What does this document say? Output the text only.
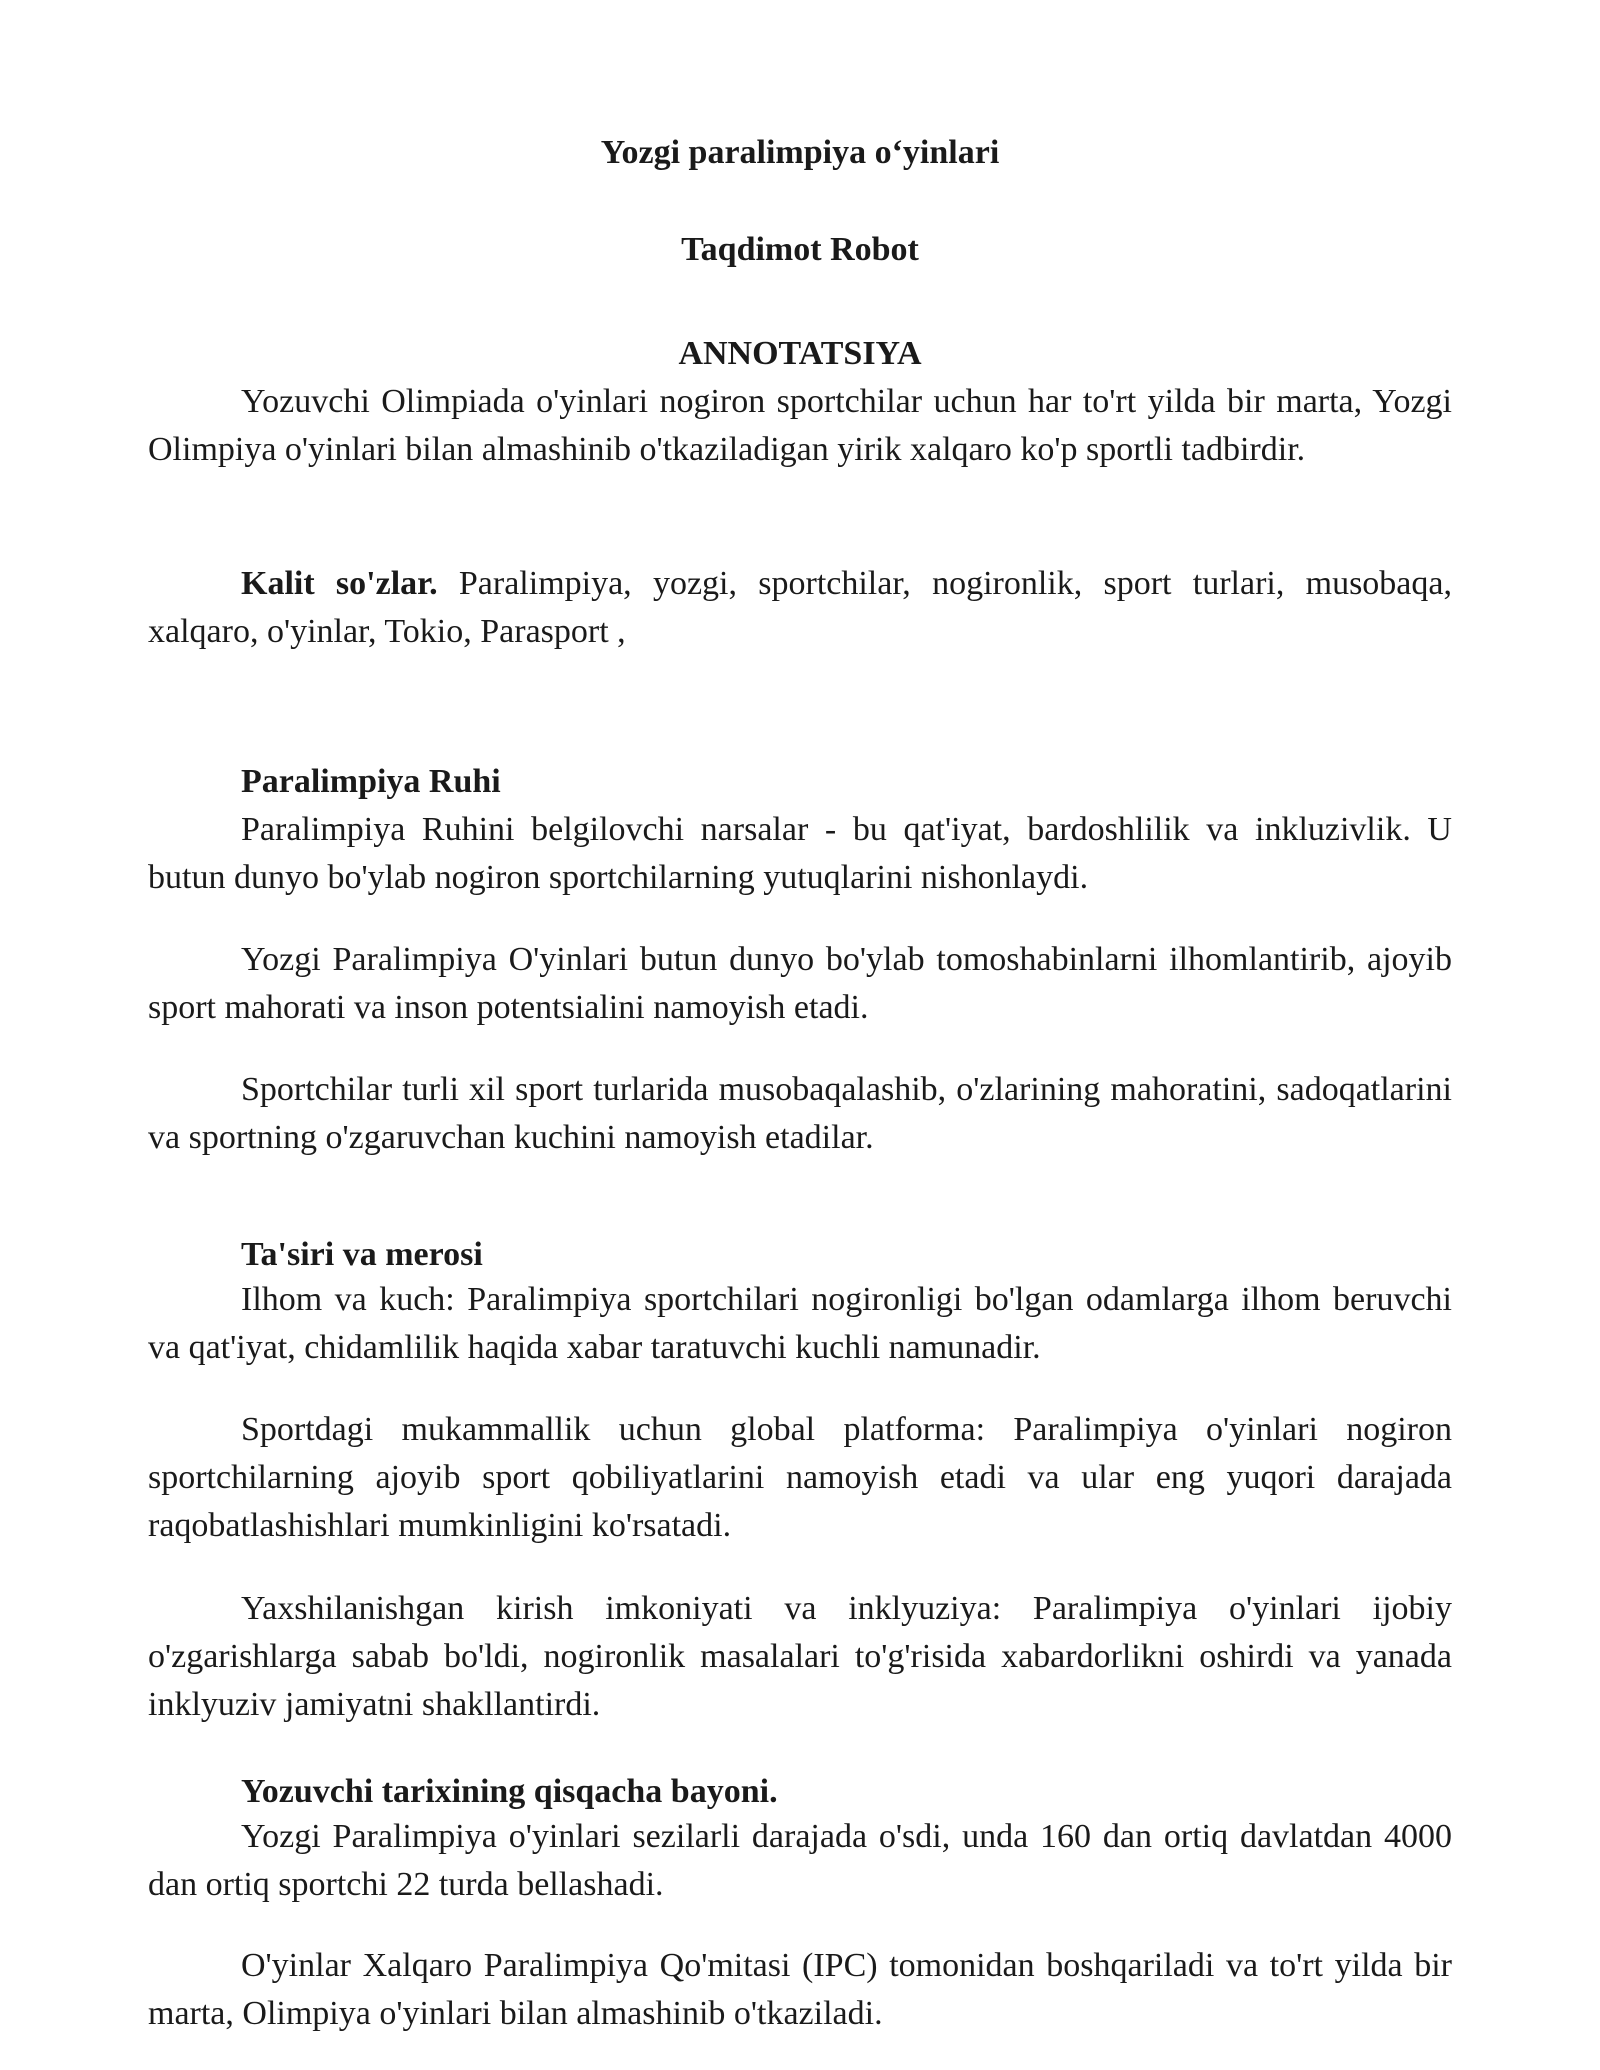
Yozgi paralimpiya o‘yinlari
Taqdimot Robot
ANNOTATSIYA

Yozuvchi Olimpiada o'yinlari nogiron sportchilar uchun har to'rt yilda bir marta, Yozgi Olimpiya o'yinlari bilan almashinib o'tkaziladigan yirik xalqaro ko'p sportli tadbirdir.

Kalit so'zlar. Paralimpiya, yozgi, sportchilar, nogironlik, sport turlari, musobaqa, xalqaro, o'yinlar, Tokio, Parasport ,

Paralimpiya Ruhi

Paralimpiya Ruhini belgilovchi narsalar - bu qat'iyat, bardoshlilik va inkluzivlik. U butun dunyo bo'ylab nogiron sportchilarning yutuqlarini nishonlaydi.

Yozgi Paralimpiya O'yinlari butun dunyo bo'ylab tomoshabinlarni ilhomlantirib, ajoyib sport mahorati va inson potentsialini namoyish etadi.

Sportchilar turli xil sport turlarida musobaqalashib, o'zlarining mahoratini, sadoqatlarini va sportning o'zgaruvchan kuchini namoyish etadilar.

Ta'siri va merosi

Ilhom va kuch: Paralimpiya sportchilari nogironligi bo'lgan odamlarga ilhom beruvchi va qat'iyat, chidamlilik haqida xabar taratuvchi kuchli namunadir.

Sportdagi mukammallik uchun global platforma: Paralimpiya o'yinlari nogiron sportchilarning ajoyib sport qobiliyatlarini namoyish etadi va ular eng yuqori darajada raqobatlashishlari mumkinligini ko'rsatadi.

Yaxshilanishgan kirish imkoniyati va inklyuziya: Paralimpiya o'yinlari ijobiy o'zgarishlarga sabab bo'ldi, nogironlik masalalari to'g'risida xabardorlikni oshirdi va yanada inklyuziv jamiyatni shakllantirdi.

Yozuvchi tarixining qisqacha bayoni.

Yozgi Paralimpiya o'yinlari sezilarli darajada o'sdi, unda 160 dan ortiq davlatdan 4000 dan ortiq sportchi 22 turda bellashadi.

O'yinlar Xalqaro Paralimpiya Qo'mitasi (IPC) tomonidan boshqariladi va to'rt yilda bir marta, Olimpiya o'yinlari bilan almashinib o'tkaziladi.
